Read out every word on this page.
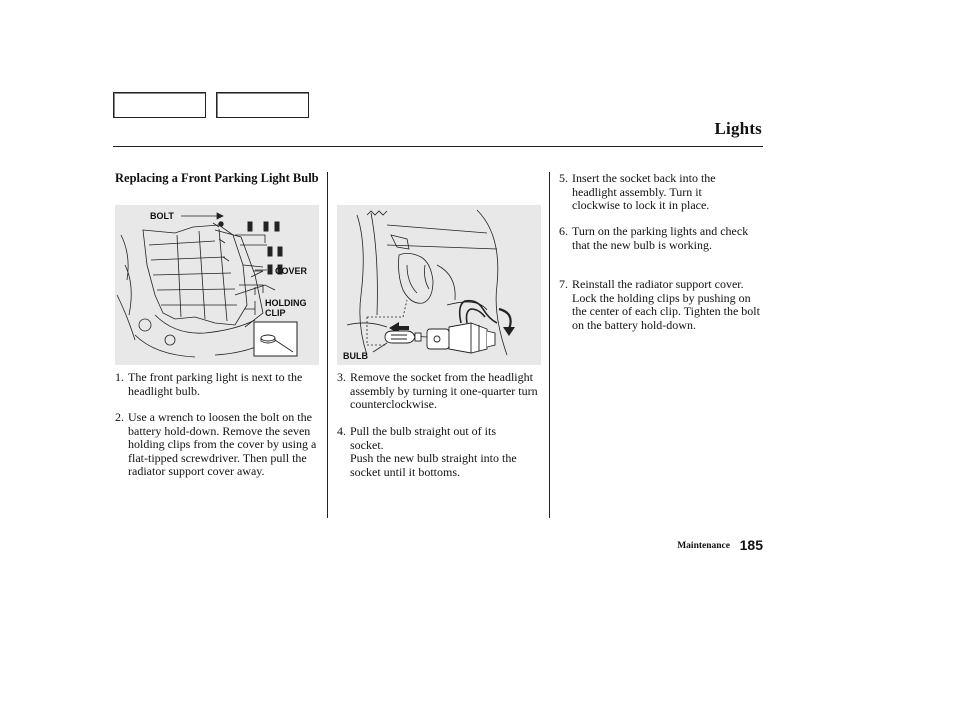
Lights
Replacing a Front Parking Light Bulb
BOLT
COVER
HOLDING CLIP
BULB
1. The front parking light is next to the headlight bulb.
2. Use a wrench to loosen the bolt on the battery hold-down. Remove the seven holding clips from the cover by using a flat-tipped screwdriver. Then pull the radiator support cover away.
3. Remove the socket from the headlight assembly by turning it one-quarter turn counterclockwise.
4. Pull the bulb straight out of its socket.
Push the new bulb straight into the socket until it bottoms.
5. Insert the socket back into the headlight assembly. Turn it clockwise to lock it in place.
6. Turn on the parking lights and check that the new bulb is working.
7. Reinstall the radiator support cover. Lock the holding clips by pushing on the center of each clip. Tighten the bolt on the battery hold-down.
Maintenance 185
